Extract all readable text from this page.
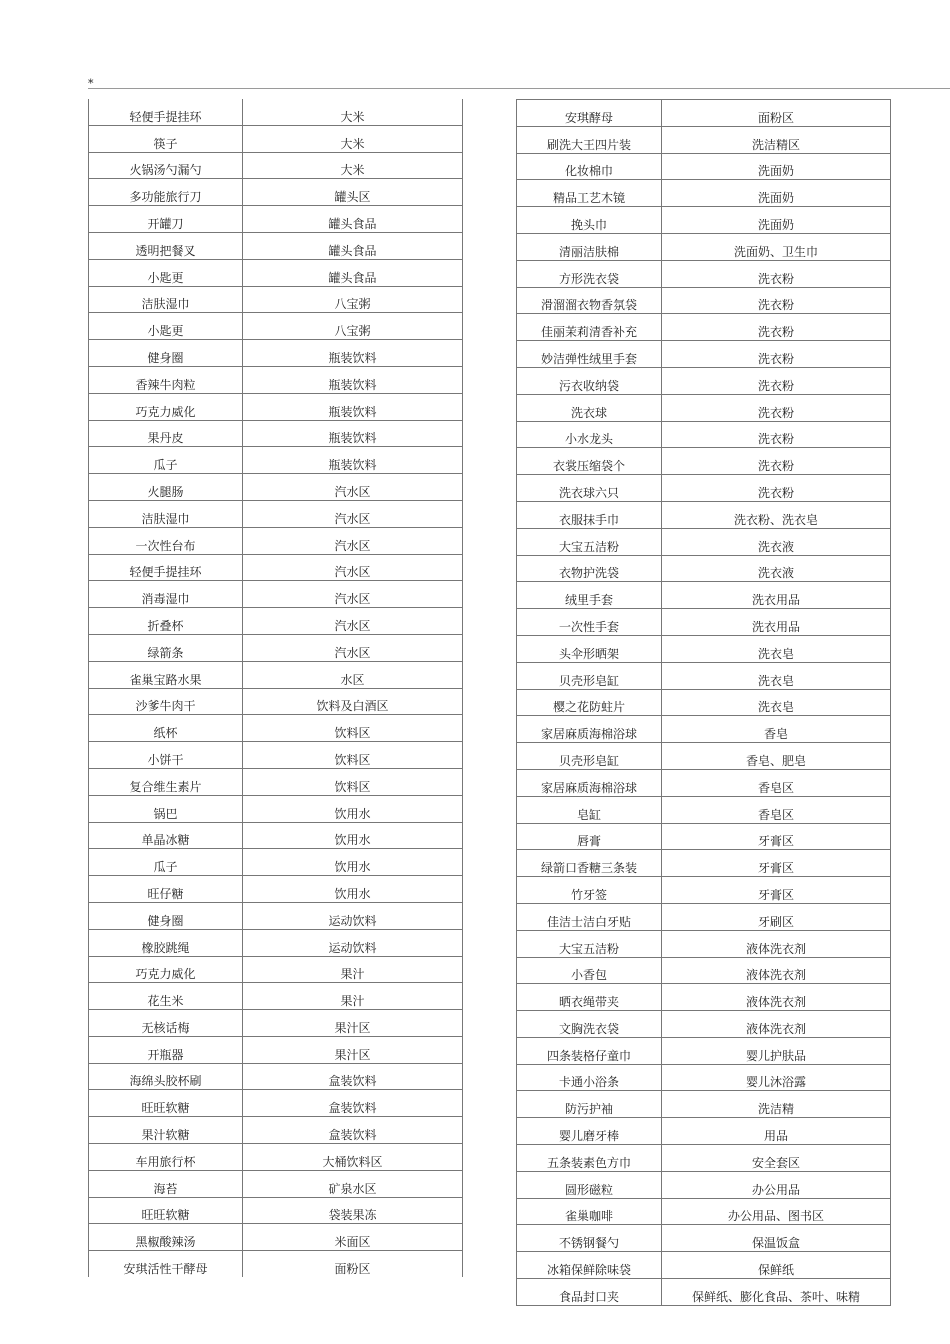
*
轻便手提挂环	大米
筷子	大米
火锅汤勺漏勺	大米
多功能旅行刀	罐头区
开罐刀	罐头食品
透明把餐叉	罐头食品
小匙更	罐头食品
洁肤湿巾	八宝粥
小匙更	八宝粥
健身圈	瓶装饮料
香辣牛肉粒	瓶装饮料
巧克力威化	瓶装饮料
果丹皮	瓶装饮料
瓜子	瓶装饮料
火腿肠	汽水区
洁肤湿巾	汽水区
一次性台布	汽水区
轻便手提挂环	汽水区
消毒湿巾	汽水区
折叠杯	汽水区
绿箭条	汽水区
雀巢宝路水果	水区
沙爹牛肉干	饮料及白酒区
纸杯	饮料区
小饼干	饮料区
复合维生素片	饮料区
锅巴	饮用水
单晶冰糖	饮用水
瓜子	饮用水
旺仔糖	饮用水
健身圈	运动饮料
橡胶跳绳	运动饮料
巧克力威化	果汁
花生米	果汁
无核话梅	果汁区
开瓶器	果汁区
海绵头胶杯刷	盒装饮料
旺旺软糖	盒装饮料
果汁软糖	盒装饮料
车用旅行杯	大桶饮料区
海苔	矿泉水区
旺旺软糖	袋装果冻
黑椒酸辣汤	米面区
安琪活性干酵母	面粉区
安琪酵母	面粉区
刷洗大王四片装	洗洁精区
化妆棉巾	洗面奶
精品工艺木镜	洗面奶
挽头巾	洗面奶
清丽洁肤棉	洗面奶、卫生巾
方形洗衣袋	洗衣粉
滑溜溜衣物香氛袋	洗衣粉
佳丽茉莉清香补充	洗衣粉
妙洁弹性绒里手套	洗衣粉
污衣收纳袋	洗衣粉
洗衣球	洗衣粉
小水龙头	洗衣粉
衣裳压缩袋个	洗衣粉
洗衣球六只	洗衣粉
衣服抹手巾	洗衣粉、洗衣皂
大宝五洁粉	洗衣液
衣物护洗袋	洗衣液
绒里手套	洗衣用品
一次性手套	洗衣用品
头伞形晒架	洗衣皂
贝壳形皂缸	洗衣皂
樱之花防蛀片	洗衣皂
家居麻质海棉浴球	香皂
贝壳形皂缸	香皂、肥皂
家居麻质海棉浴球	香皂区
皂缸	香皂区
唇膏	牙膏区
绿箭口香糖三条装	牙膏区
竹牙签	牙膏区
佳洁士洁白牙贴	牙刷区
大宝五洁粉	液体洗衣剂
小香包	液体洗衣剂
晒衣绳带夹	液体洗衣剂
文胸洗衣袋	液体洗衣剂
四条装格仔童巾	婴儿护肤品
卡通小浴条	婴儿沐浴露
防污护袖	洗洁精
婴儿磨牙棒	用品
五条装素色方巾	安全套区
圆形磁粒	办公用品
雀巢咖啡	办公用品、图书区
不锈钢餐勺	保温饭盒
冰箱保鲜除味袋	保鲜纸
食品封口夹	保鲜纸、膨化食品、茶叶、味精
